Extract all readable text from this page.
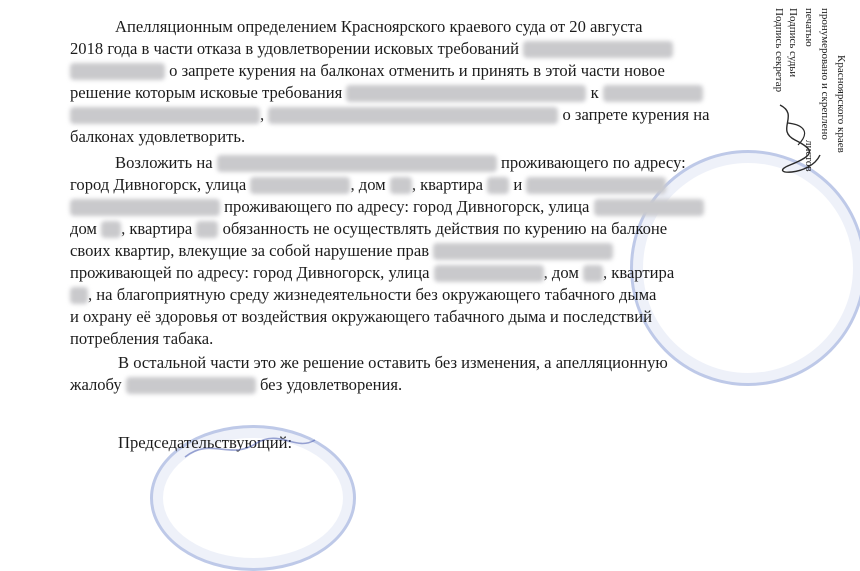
Апелляционным определением Красноярского краевого суда от 20 августа
2018 года в части отказа в удовлетворении исковых требований
о запрете курения на балконах отменить и принять в этой части новое
решение которым исковые требования	к
,	о запрете курения на
балконах удовлетворить.
Возложить на	проживающего по адресу:
город Дивногорск, улица	, дом , квартира  и
проживающего по адресу: город Дивногорск, улица
дом , квартира  обязанность не осуществлять действия по курению на балконе
своих квартир, влекущие за собой нарушение прав
проживающей по адресу: город Дивногорск, улица	, дом , квартира
, на благоприятную среду жизнедеятельности без окружающего табачного дыма
и охрану её здоровья от воздействия окружающего табачного дыма и последствий
потребления табака.
В остальной части это же решение оставить без изменения, а апелляционную
жалобу	без удовлетворения.
Председательствующий:
Красноярского краев
пронумеровано и скреплено
печатью
Подпись судьи
Подпись секретар
листов
